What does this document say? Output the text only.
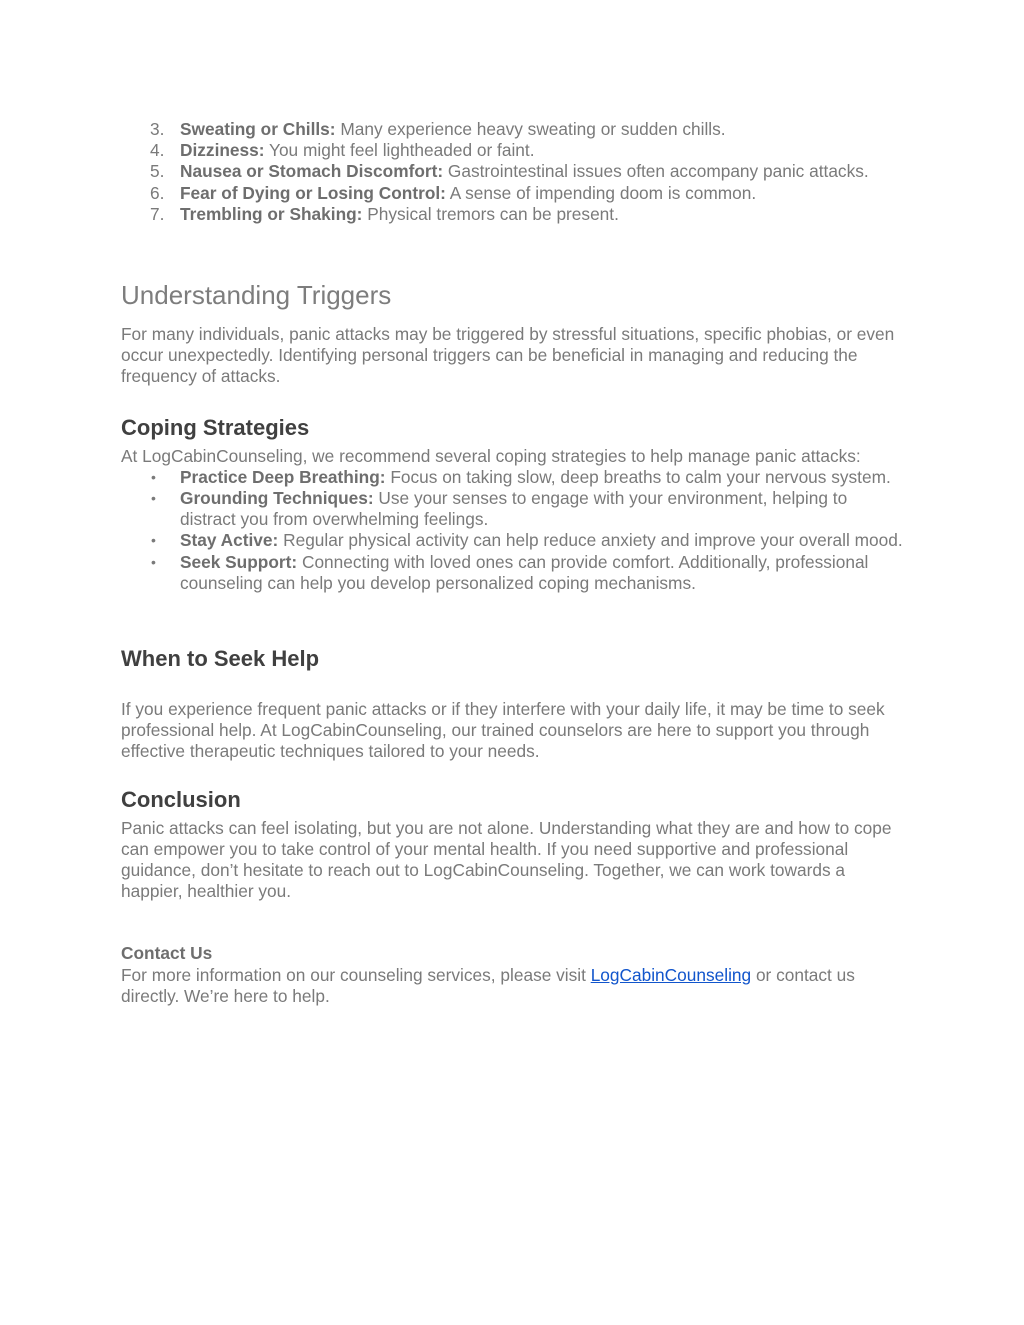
3. Sweating or Chills: Many experience heavy sweating or sudden chills.
4. Dizziness: You might feel lightheaded or faint.
5. Nausea or Stomach Discomfort: Gastrointestinal issues often accompany panic attacks.
6. Fear of Dying or Losing Control: A sense of impending doom is common.
7. Trembling or Shaking: Physical tremors can be present.
Understanding Triggers

For many individuals, panic attacks may be triggered by stressful situations, specific phobias, or even occur unexpectedly. Identifying personal triggers can be beneficial in managing and reducing the frequency of attacks.

Coping Strategies

At LogCabinCounseling, we recommend several coping strategies to help manage panic attacks:

• Practice Deep Breathing: Focus on taking slow, deep breaths to calm your nervous system.
• Grounding Techniques: Use your senses to engage with your environment, helping to distract you from overwhelming feelings.
• Stay Active: Regular physical activity can help reduce anxiety and improve your overall mood.
• Seek Support: Connecting with loved ones can provide comfort. Additionally, professional counseling can help you develop personalized coping mechanisms.
When to Seek Help

If you experience frequent panic attacks or if they interfere with your daily life, it may be time to seek professional help. At LogCabinCounseling, our trained counselors are here to support you through effective therapeutic techniques tailored to your needs.

Conclusion

Panic attacks can feel isolating, but you are not alone. Understanding what they are and how to cope can empower you to take control of your mental health. If you need supportive and professional guidance, don’t hesitate to reach out to LogCabinCounseling. Together, we can work towards a happier, healthier you.

Contact Us

For more information on our counseling services, please visit LogCabinCounseling or contact us directly. We’re here to help.
